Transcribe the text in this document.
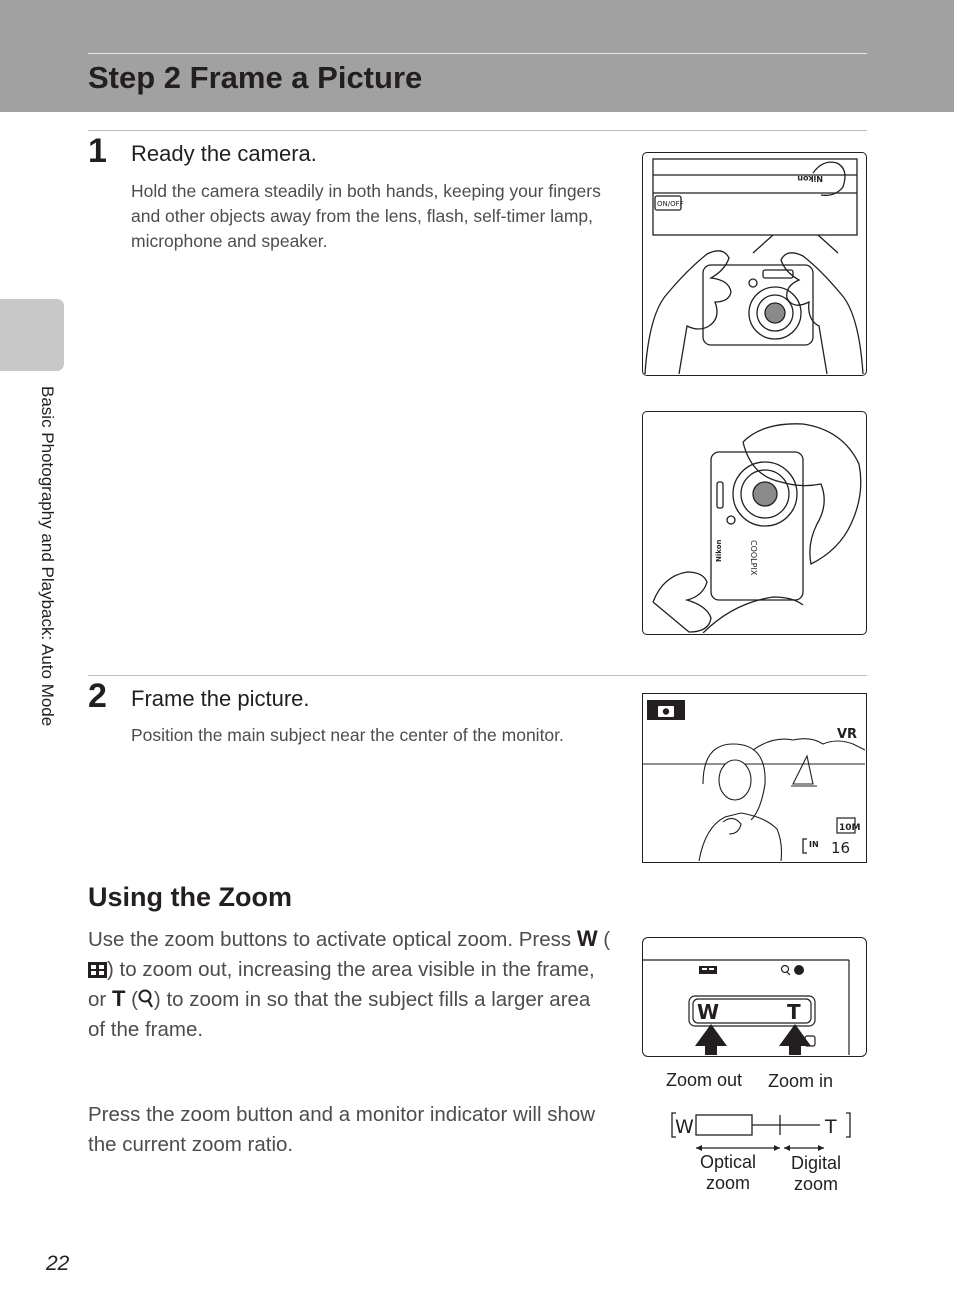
Step 2 Frame a Picture
Basic Photography and Playback: Auto Mode
1 Ready the camera.

Hold the camera steadily in both hands, keeping your fingers and other objects away from the lens, flash, self-timer lamp, microphone and speaker.

Nikon
ON/OFF
COOLPIX
Nikon
2 Frame the picture.

Position the main subject near the center of the monitor.	VR
10M
IN 16
Using the Zoom

Use the zoom buttons to activate optical zoom. Press W () to zoom out, increasing the area visible in the frame, or T ( ) to zoom in so that the subject fills a larger area of the frame.

Press the zoom button and a monitor indicator will show the current zoom ratio.

W	T
Zoom out Zoom in
W	T
Optical
zoom
Digital
zoom
22
